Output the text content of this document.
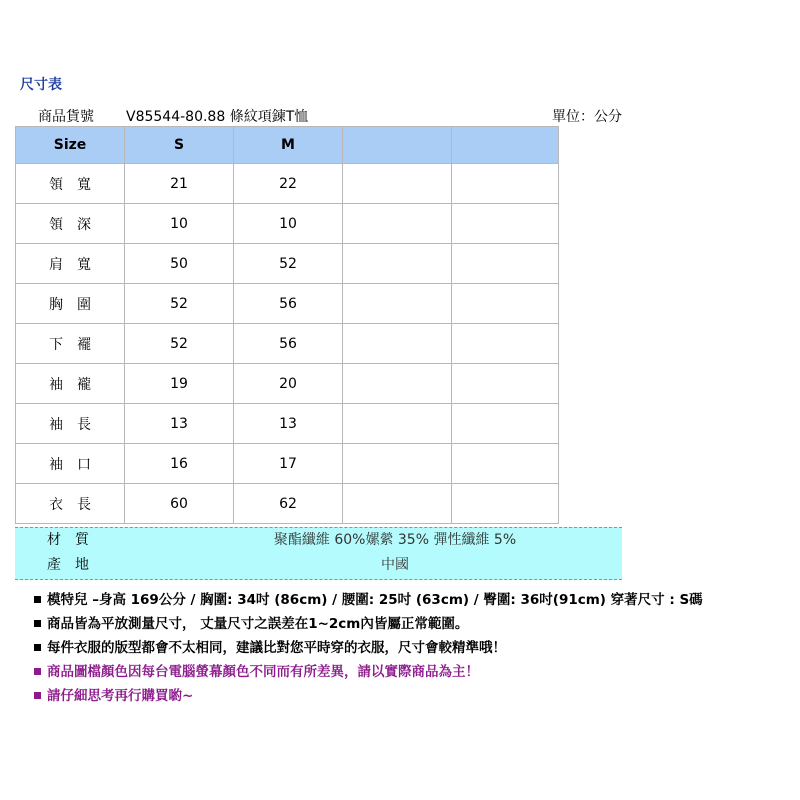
尺寸表
商品貨號 V85544-80.88 條紋項鍊T恤	單位：公分
Size	S	M		
領寬	21	22		
領深	10	10		
肩寬	50	52		
胸圍	52	56		
下襬	52	56		
袖襱	19	20		
袖長	13	13		
袖口	16	17		
衣長	60	62		
材質	聚酯纖維 60%嫘縈 35% 彈性纖維 5%
產地	中國
模特兒 –身高 169公分 / 胸圍: 34吋 (86cm) / 腰圍: 25吋 (63cm) / 臀圍: 36吋(91cm) 穿著尺寸 : S碼
商品皆為平放測量尺寸， 丈量尺寸之誤差在1~2cm內皆屬正常範圍。
每件衣服的版型都會不太相同，建議比對您平時穿的衣服，尺寸會較精準哦！
商品圖檔顏色因每台電腦螢幕顏色不同而有所差異，請以實際商品為主！
請仔細思考再行購買喲~
